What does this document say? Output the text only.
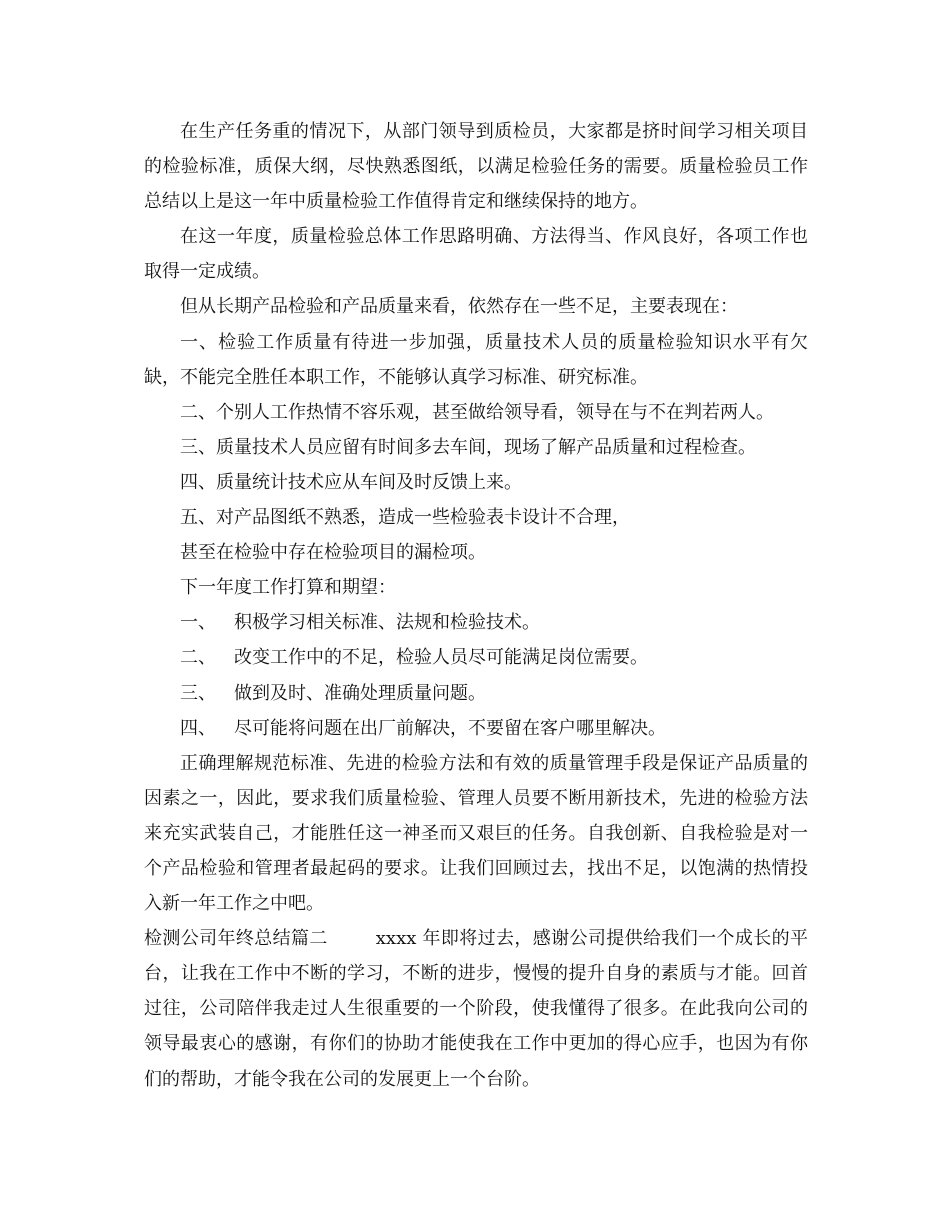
在生产任务重的情况下，从部门领导到质检员，大家都是挤时间学习相关项目的检验标准，质保大纲，尽快熟悉图纸，以满足检验任务的需要。质量检验员工作总结以上是这一年中质量检验工作值得肯定和继续保持的地方。

在这一年度，质量检验总体工作思路明确、方法得当、作风良好，各项工作也取得一定成绩。

但从长期产品检验和产品质量来看，依然存在一些不足，主要表现在：

一、检验工作质量有待进一步加强，质量技术人员的质量检验知识水平有欠缺，不能完全胜任本职工作，不能够认真学习标准、研究标准。

二、个别人工作热情不容乐观，甚至做给领导看，领导在与不在判若两人。

三、质量技术人员应留有时间多去车间，现场了解产品质量和过程检查。

四、质量统计技术应从车间及时反馈上来。

五、对产品图纸不熟悉，造成一些检验表卡设计不合理，

甚至在检验中存在检验项目的漏检项。

下一年度工作打算和期望：

一、 积极学习相关标准、法规和检验技术。

二、 改变工作中的不足，检验人员尽可能满足岗位需要。

三、 做到及时、准确处理质量问题。

四、 尽可能将问题在出厂前解决，不要留在客户哪里解决。

正确理解规范标准、先进的检验方法和有效的质量管理手段是保证产品质量的因素之一，因此，要求我们质量检验、管理人员要不断用新技术，先进的检验方法来充实武装自己，才能胜任这一神圣而又艰巨的任务。自我创新、自我检验是对一个产品检验和管理者最起码的要求。让我们回顾过去，找出不足，以饱满的热情投入新一年工作之中吧。

检测公司年终总结篇二	xxxx 年即将过去，感谢公司提供给我们一个成长的平台，让我在工作中不断的学习，不断的进步，慢慢的提升自身的素质与才能。回首过往，公司陪伴我走过人生很重要的一个阶段，使我懂得了很多。在此我向公司的领导最衷心的感谢，有你们的协助才能使我在工作中更加的得心应手，也因为有你们的帮助，才能令我在公司的发展更上一个台阶。
